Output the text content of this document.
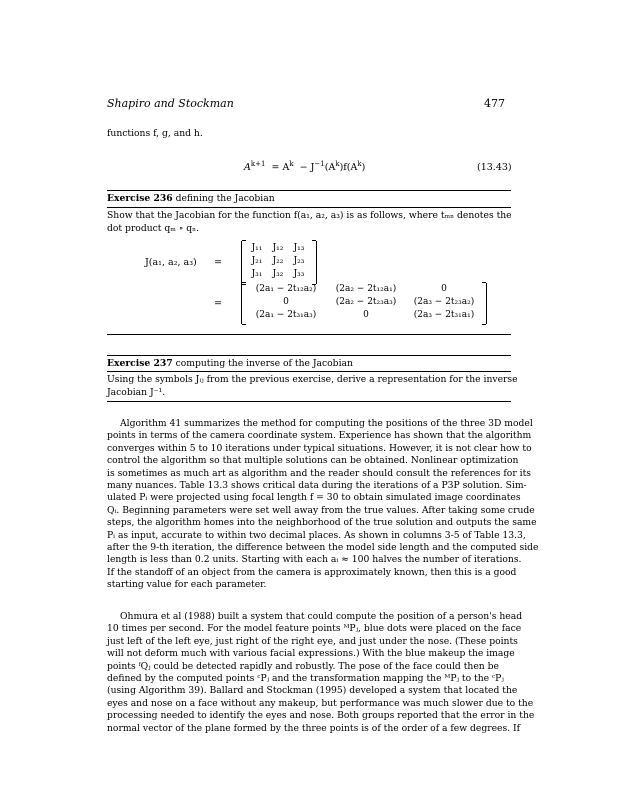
Shapiro and Stockman	477
functions f, g, and h.
$A^{k+1} = A^k - J^{-1}(A^k)f(A^k)$	(13.43)
Exercise 236 defining the Jacobian
Show that the Jacobian for the function f(a₁, a₂, a₃) is as follows, where tₘₙ denotes the
dot product qₘ ∘ qₙ.
J(a₁, a₂, a₃) =
=
J₁₁	J₁₂	J₁₃
J₂₁	J₂₂	J₂₃
J₃₁	J₃₂	J₃₃
(2a₁ − 2t₁₂a₂)	(2a₂ − 2t₁₂a₁)	0
0	(2a₂ − 2t₂₃a₃)	(2a₃ − 2t₂₃a₂)
(2a₁ − 2t₃₁a₃)	0	(2a₃ − 2t₃₁a₁)
Exercise 237 computing the inverse of the Jacobian
Using the symbols Jᵢⱼ from the previous exercise, derive a representation for the inverse
Jacobian J⁻¹.
Algorithm 41 summarizes the method for computing the positions of the three 3D model
points in terms of the camera coordinate system. Experience has shown that the algorithm
converges within 5 to 10 iterations under typical situations. However, it is not clear how to
control the algorithm so that multiple solutions can be obtained. Nonlinear optimization
is sometimes as much art as algorithm and the reader should consult the references for its
many nuances. Table 13.3 shows critical data during the iterations of a P3P solution. Sim-
ulated Pᵢ were projected using focal length f = 30 to obtain simulated image coordinates
Qᵢ. Beginning parameters were set well away from the true values. After taking some crude
steps, the algorithm homes into the neighborhood of the true solution and outputs the same
Pᵢ as input, accurate to within two decimal places. As shown in columns 3-5 of Table 13.3,
after the 9-th iteration, the difference between the model side length and the computed side
length is less than 0.2 units. Starting with each aᵢ ≈ 100 halves the number of iterations.
If the standoff of an object from the camera is approximately known, then this is a good
starting value for each parameter.
Ohmura et al (1988) built a system that could compute the position of a person's head
10 times per second. For the model feature points ᴹPⱼ, blue dots were placed on the face
just left of the left eye, just right of the right eye, and just under the nose. (These points
will not deform much with various facial expressions.) With the blue makeup the image
points ᶠQⱼ could be detected rapidly and robustly. The pose of the face could then be
defined by the computed points ᶜPⱼ and the transformation mapping the ᴹPⱼ to the ᶜPⱼ
(using Algorithm 39). Ballard and Stockman (1995) developed a system that located the
eyes and nose on a face without any makeup, but performance was much slower due to the
processing needed to identify the eyes and nose. Both groups reported that the error in the
normal vector of the plane formed by the three points is of the order of a few degrees. If
